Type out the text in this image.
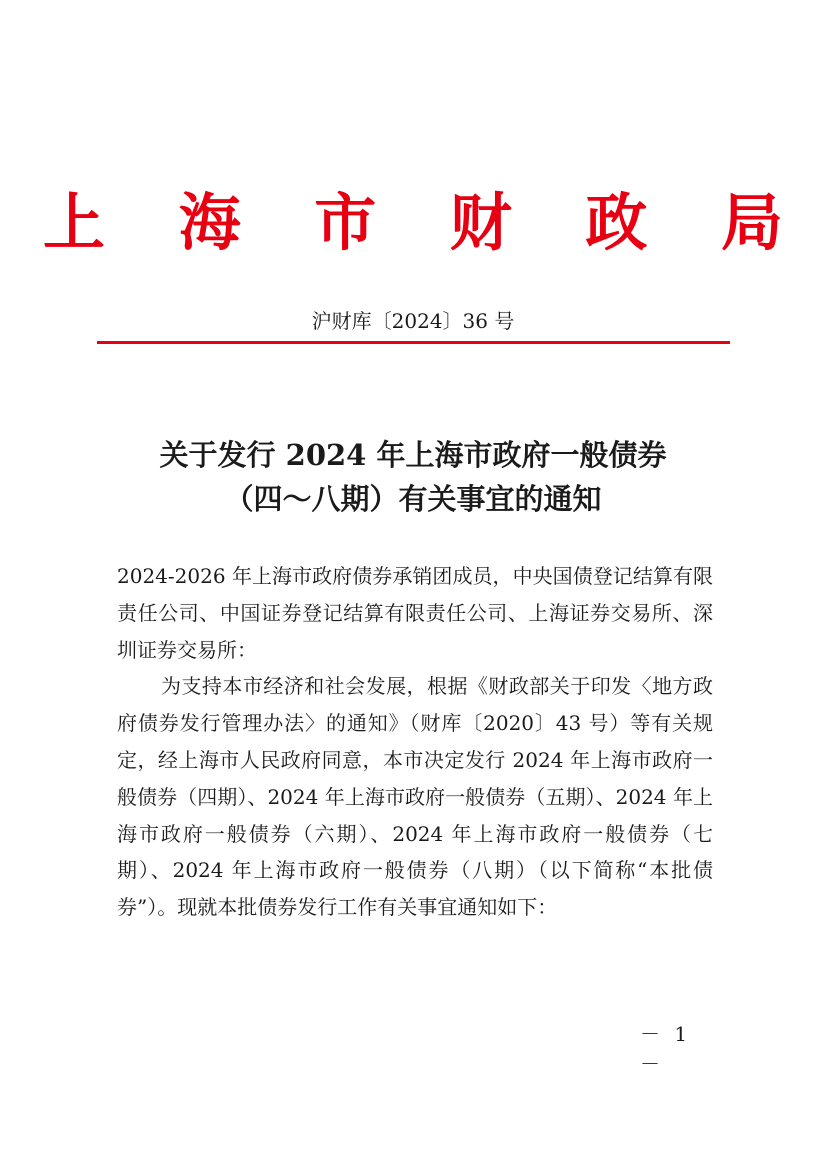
上 海 市 财 政 局
沪财库〔2024〕36 号
关于发行 2024 年上海市政府一般债券
（四～八期）有关事宜的通知

2024-2026 年上海市政府债券承销团成员，中央国债登记结算有限责任公司、中国证券登记结算有限责任公司、上海证券交易所、深圳证券交易所：

为支持本市经济和社会发展，根据《财政部关于印发〈地方政府债券发行管理办法〉的通知》（财库〔2020〕43 号）等有关规定，经上海市人民政府同意，本市决定发行 2024 年上海市政府一般债券（四期）、2024 年上海市政府一般债券（五期）、2024 年上海市政府一般债券（六期）、2024 年上海市政府一般债券（七期）、2024 年上海市政府一般债券（八期）（以下简称“本批债券”）。现就本批债券发行工作有关事宜通知如下：

－ 1 －
